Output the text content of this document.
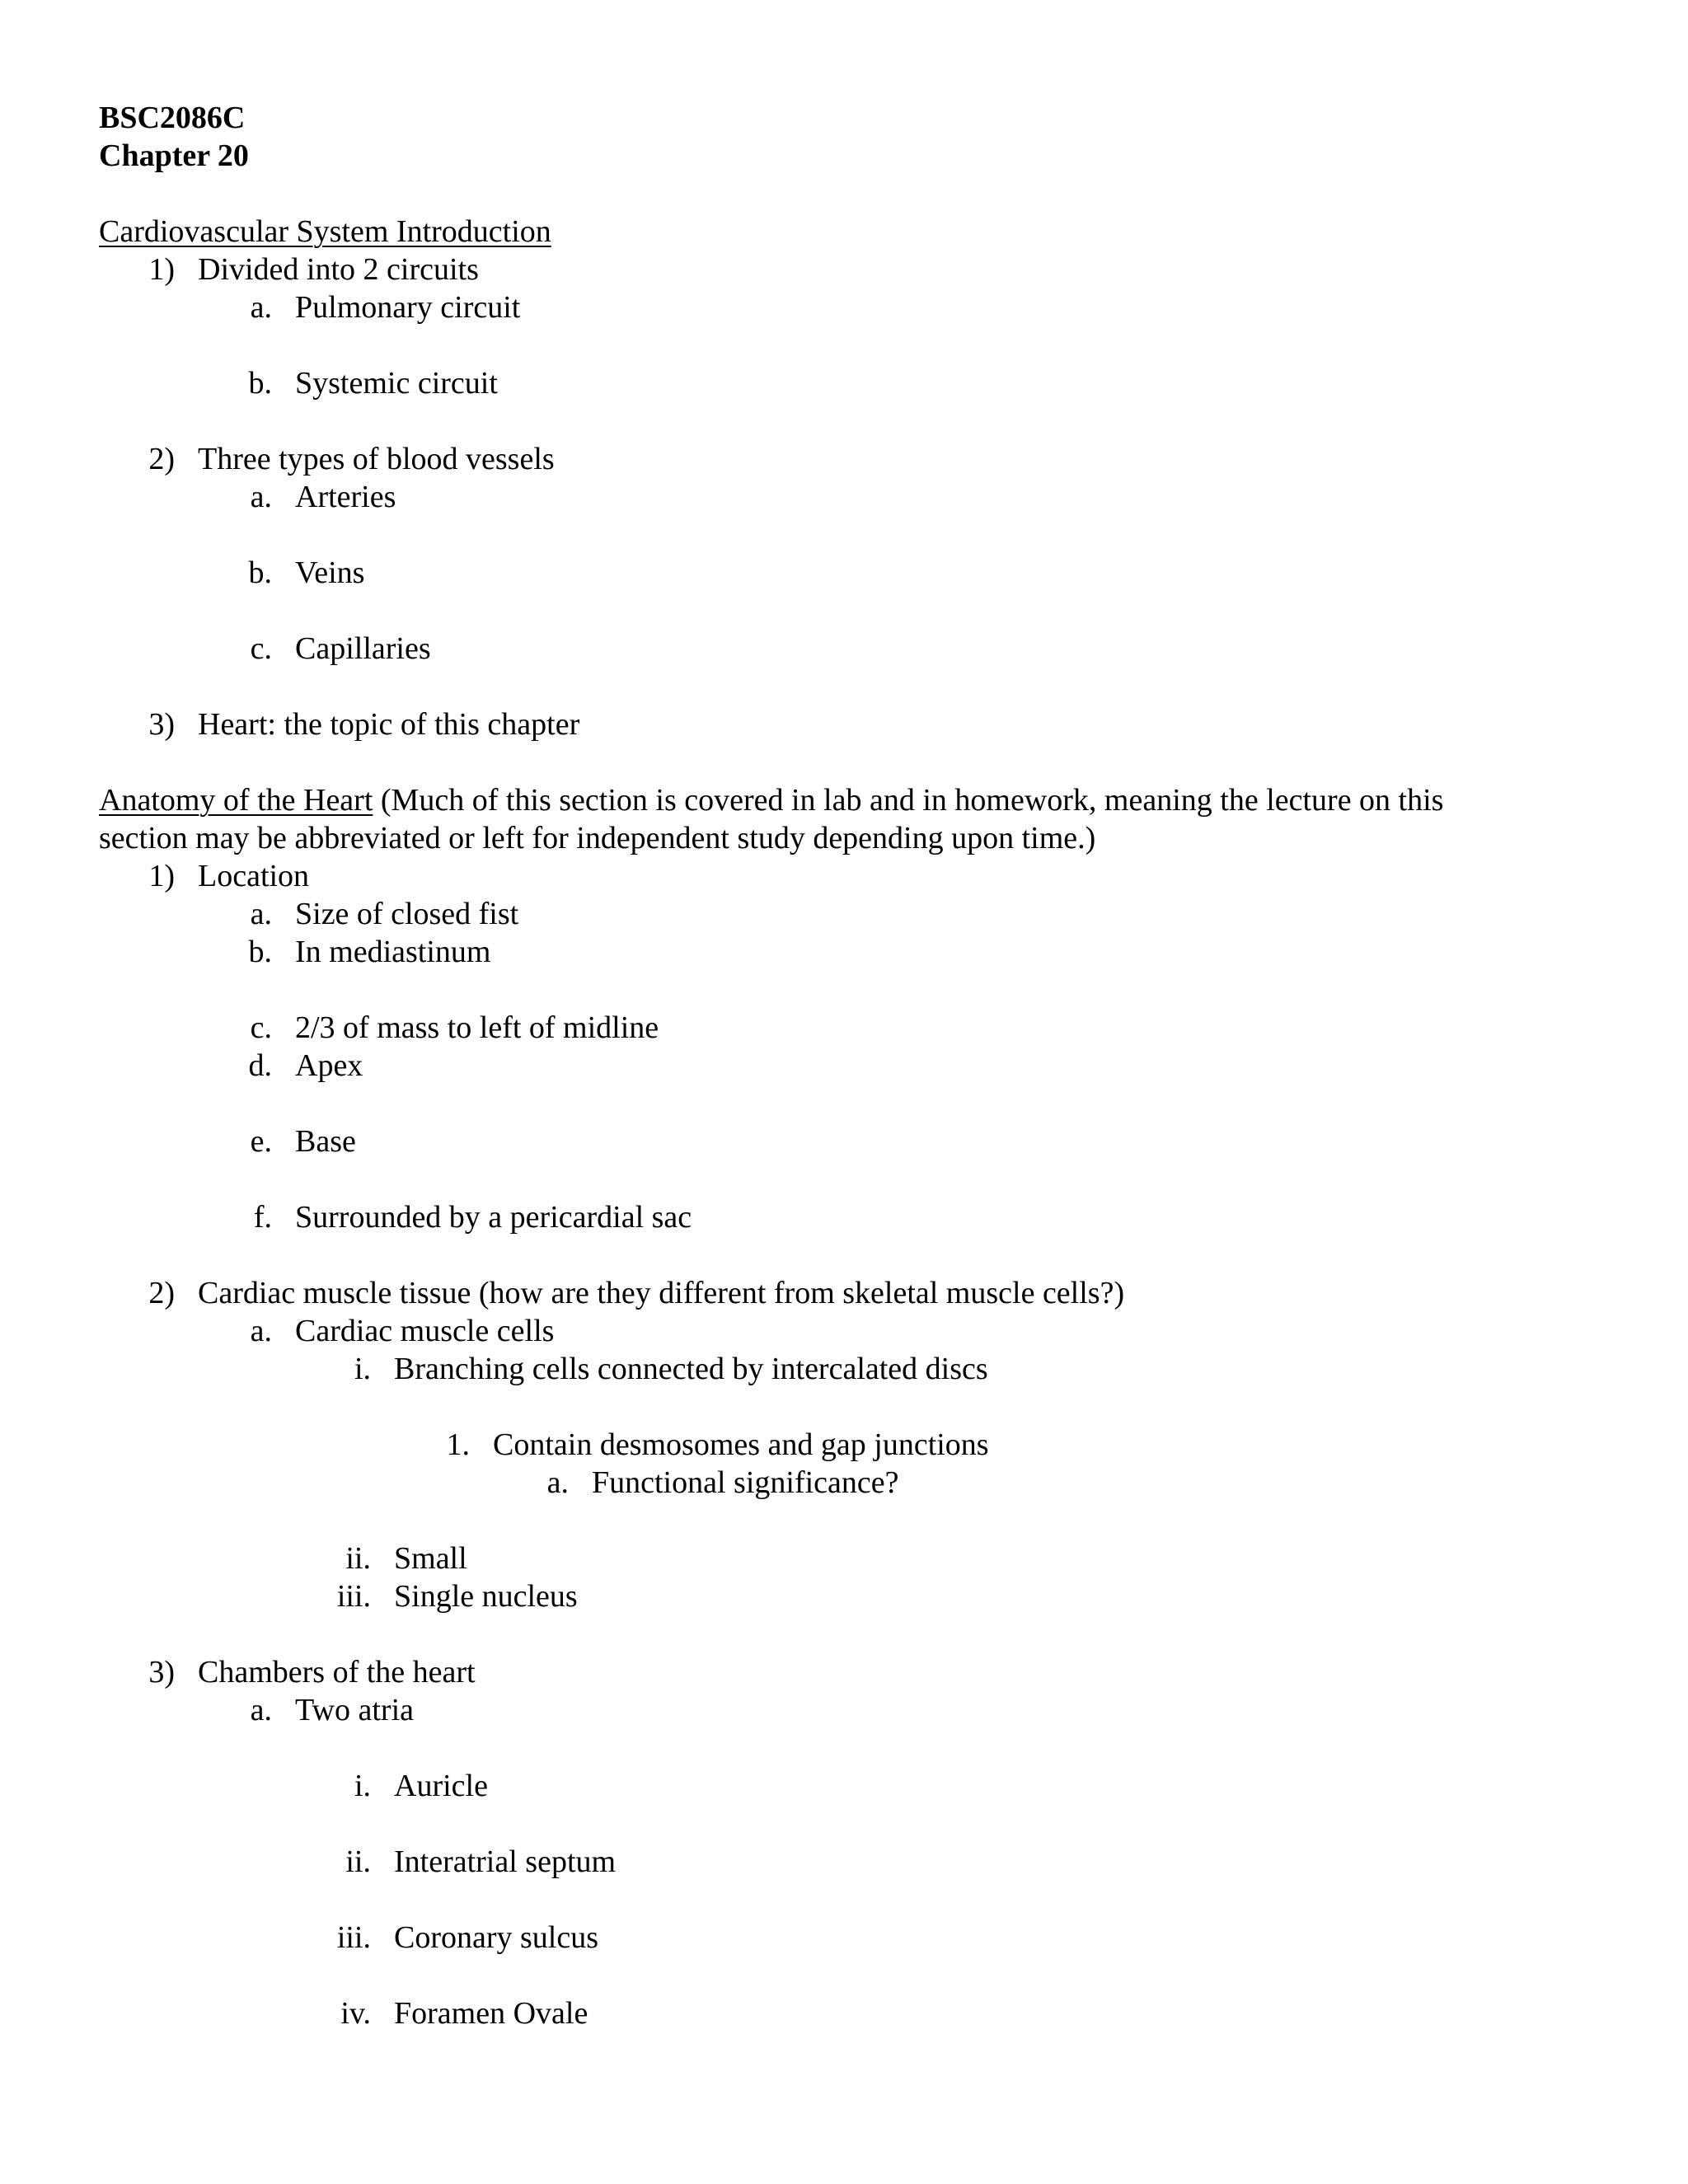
BSC2086C
Chapter 20
Cardiovascular System Introduction
1) Divided into 2 circuits
a. Pulmonary circuit
b. Systemic circuit
2) Three types of blood vessels
a. Arteries
b. Veins
c. Capillaries
3) Heart: the topic of this chapter
Anatomy of the Heart (Much of this section is covered in lab and in homework, meaning the lecture on this
section may be abbreviated or left for independent study depending upon time.)
1) Location
a. Size of closed fist
b. In mediastinum
c. 2/3 of mass to left of midline
d. Apex
e. Base
f. Surrounded by a pericardial sac
2) Cardiac muscle tissue (how are they different from skeletal muscle cells?)
a. Cardiac muscle cells
i. Branching cells connected by intercalated discs
1. Contain desmosomes and gap junctions
a. Functional significance?
ii. Small
iii. Single nucleus
3) Chambers of the heart
a. Two atria
i. Auricle
ii. Interatrial septum
iii. Coronary sulcus
iv. Foramen Ovale
